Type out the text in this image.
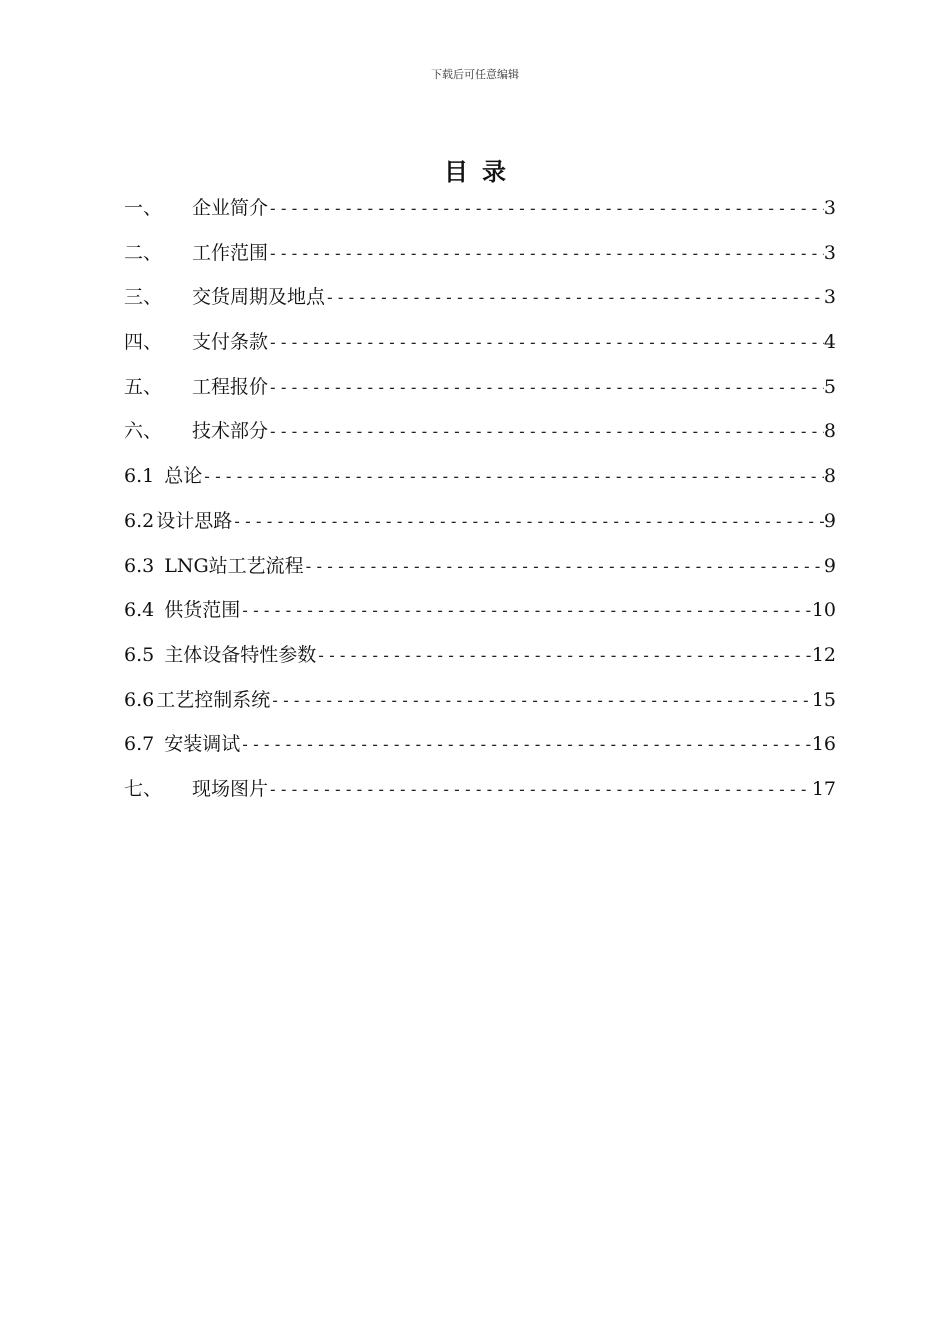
下载后可任意编辑
目录
一、	企业简介 -----	3
二、	工作范围 -----	3
三、	交货周期及地点 -----	3
四、	支付条款 -----	4
五、	工程报价 -----	5
六、	技术部分 -----	8
6.1 总论 -----	8
6.2 设计思路 -----	9
6.3 LNG站工艺流程 -----	9
6.4 供货范围 -----	10
6.5 主体设备特性参数 -----	12
6.6 工艺控制系统 -----	15
6.7 安装调试 -----	16
七、	现场图片 -----	17
